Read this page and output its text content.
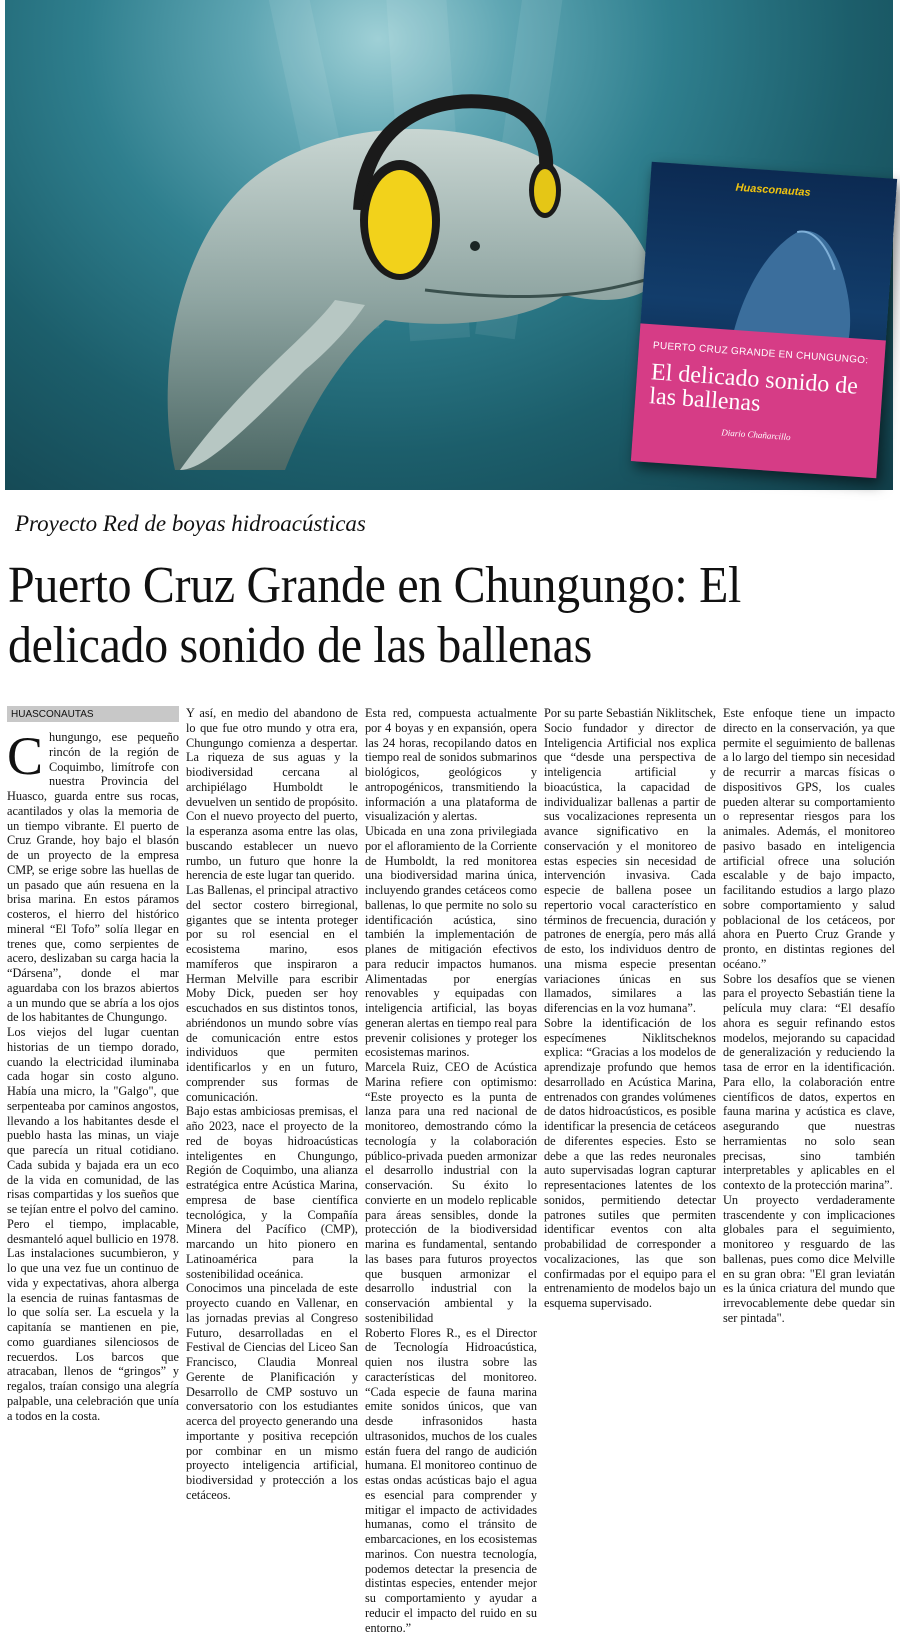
Huasconautas
PUERTO CRUZ GRANDE EN CHUNGUNGO:
El delicado sonido de las ballenas
Diario Chañarcillo
Proyecto Red de boyas hidroacústicas
Puerto Cruz Grande en Chungungo: El
delicado sonido de las ballenas
HUASCONAUTAS

Chungungo, ese pequeño rincón de la región de Coquimbo, limítrofe con nuestra Provincia del Huasco, guarda entre sus rocas, acantilados y olas la memoria de un tiempo vibrante. El puerto de Cruz Grande, hoy bajo el blasón de un proyecto de la empresa CMP, se erige sobre las huellas de un pasado que aún resuena en la brisa marina. En estos páramos costeros, el hierro del histórico mineral “El Tofo” solía llegar en trenes que, como serpientes de acero, deslizaban su carga hacia la “Dársena”, donde el mar aguardaba con los brazos abiertos a un mundo que se abría a los ojos de los habitantes de Chungungo.

Los viejos del lugar cuentan historias de un tiempo dorado, cuando la electricidad iluminaba cada hogar sin costo alguno. Había una micro, la "Galgo", que serpenteaba por caminos angostos, llevando a los habitantes desde el pueblo hasta las minas, un viaje que parecía un ritual cotidiano. Cada subida y bajada era un eco de la vida en comunidad, de las risas compartidas y los sueños que se tejían entre el polvo del camino.

Pero el tiempo, implacable, desmanteló aquel bullicio en 1978. Las instalaciones sucumbieron, y lo que una vez fue un continuo de vida y expectativas, ahora alberga la esencia de ruinas fantasmas de lo que solía ser. La escuela y la capitanía se mantienen en pie, como guardianes silenciosos de recuerdos. Los barcos que atracaban, llenos de “gringos” y regalos, traían consigo una alegría palpable, una celebración que unía a todos en la costa.

Y así, en medio del abandono de lo que fue otro mundo y otra era, Chungungo comienza a despertar. La riqueza de sus aguas y la biodiversidad cercana al archipiélago Humboldt le devuelven un sentido de propósito. Con el nuevo proyecto del puerto, la esperanza asoma entre las olas, buscando establecer un nuevo rumbo, un futuro que honre la herencia de este lugar tan querido.

Las Ballenas, el principal atractivo del sector costero birregional, gigantes que se intenta proteger por su rol esencial en el ecosistema marino, esos mamíferos que inspiraron a Herman Melville para escribir Moby Dick, pueden ser hoy escuchados en sus distintos tonos, abriéndonos un mundo sobre vías de comunicación entre estos individuos que permiten identificarlos y en un futuro, comprender sus formas de comunicación.

Bajo estas ambiciosas premisas, el año 2023, nace el proyecto de la red de boyas hidroacústicas inteligentes en Chungungo, Región de Coquimbo, una alianza estratégica entre Acústica Marina, empresa de base científica tecnológica, y la Compañía Minera del Pacífico (CMP), marcando un hito pionero en Latinoamérica para la sostenibilidad oceánica.

Conocimos una pincelada de este proyecto cuando en Vallenar, en las jornadas previas al Congreso Futuro, desarrolladas en el Festival de Ciencias del Liceo San Francisco, Claudia Monreal Gerente de Planificación y Desarrollo de CMP sostuvo un conversatorio con los estudiantes acerca del proyecto generando una importante y positiva recepción por combinar en un mismo proyecto inteligencia artificial, biodiversidad y protección a los cetáceos.

Esta red, compuesta actualmente por 4 boyas y en expansión, opera las 24 horas, recopilando datos en tiempo real de sonidos submarinos biológicos, geológicos y antropogénicos, transmitiendo la información a una plataforma de visualización y alertas.

Ubicada en una zona privilegiada por el afloramiento de la Corriente de Humboldt, la red monitorea una biodiversidad marina única, incluyendo grandes cetáceos como ballenas, lo que permite no solo su identificación acústica, sino también la implementación de planes de mitigación efectivos para reducir impactos humanos. Alimentadas por energías renovables y equipadas con inteligencia artificial, las boyas generan alertas en tiempo real para prevenir colisiones y proteger los ecosistemas marinos.

Marcela Ruiz, CEO de Acústica Marina refiere con optimismo: “Este proyecto es la punta de lanza para una red nacional de monitoreo, demostrando cómo la tecnología y la colaboración público-privada pueden armonizar el desarrollo industrial con la conservación. Su éxito lo convierte en un modelo replicable para áreas sensibles, donde la protección de la biodiversidad marina es fundamental, sentando las bases para futuros proyectos que busquen armonizar el desarrollo industrial con la conservación ambiental y la sostenibilidad

Roberto Flores R., es el Director de Tecnología Hidroacústica, quien nos ilustra sobre las características del monitoreo. “Cada especie de fauna marina emite sonidos únicos, que van desde infrasonidos hasta ultrasonidos, muchos de los cuales están fuera del rango de audición humana. El monitoreo continuo de estas ondas acústicas bajo el agua es esencial para comprender y mitigar el impacto de actividades humanas, como el tránsito de embarcaciones, en los ecosistemas marinos. Con nuestra tecnología, podemos detectar la presencia de distintas especies, entender mejor su comportamiento y ayudar a reducir el impacto del ruido en su entorno.”

Por su parte Sebastián Niklitschek, Socio fundador y director de Inteligencia Artificial nos explica que “desde una perspectiva de inteligencia artificial y bioacústica, la capacidad de individualizar ballenas a partir de sus vocalizaciones representa un avance significativo en la conservación y el monitoreo de estas especies sin necesidad de intervención invasiva. Cada especie de ballena posee un repertorio vocal característico en términos de frecuencia, duración y patrones de energía, pero más allá de esto, los individuos dentro de una misma especie presentan variaciones únicas en sus llamados, similares a las diferencias en la voz humana”.

Sobre la identificación de los especímenes Niklitscheknos explica: “Gracias a los modelos de aprendizaje profundo que hemos desarrollado en Acústica Marina, entrenados con grandes volúmenes de datos hidroacústicos, es posible identificar la presencia de cetáceos de diferentes especies. Esto se debe a que las redes neuronales auto supervisadas logran capturar representaciones latentes de los sonidos, permitiendo detectar patrones sutiles que permiten identificar eventos con alta probabilidad de corresponder a vocalizaciones, las que son confirmadas por el equipo para el entrenamiento de modelos bajo un esquema supervisado.

Este enfoque tiene un impacto directo en la conservación, ya que permite el seguimiento de ballenas a lo largo del tiempo sin necesidad de recurrir a marcas físicas o dispositivos GPS, los cuales pueden alterar su comportamiento o representar riesgos para los animales. Además, el monitoreo pasivo basado en inteligencia artificial ofrece una solución escalable y de bajo impacto, facilitando estudios a largo plazo sobre comportamiento y salud poblacional de los cetáceos, por ahora en Puerto Cruz Grande y pronto, en distintas regiones del océano.”

Sobre los desafíos que se vienen para el proyecto Sebastián tiene la película muy clara: “El desafío ahora es seguir refinando estos modelos, mejorando su capacidad de generalización y reduciendo la tasa de error en la identificación. Para ello, la colaboración entre científicos de datos, expertos en fauna marina y acústica es clave, asegurando que nuestras herramientas no solo sean precisas, sino también interpretables y aplicables en el contexto de la protección marina”.

Un proyecto verdaderamente trascendente y con implicaciones globales para el seguimiento, monitoreo y resguardo de las ballenas, pues como dice Melville en su gran obra: "El gran leviatán es la única criatura del mundo que irrevocablemente debe quedar sin ser pintada".
